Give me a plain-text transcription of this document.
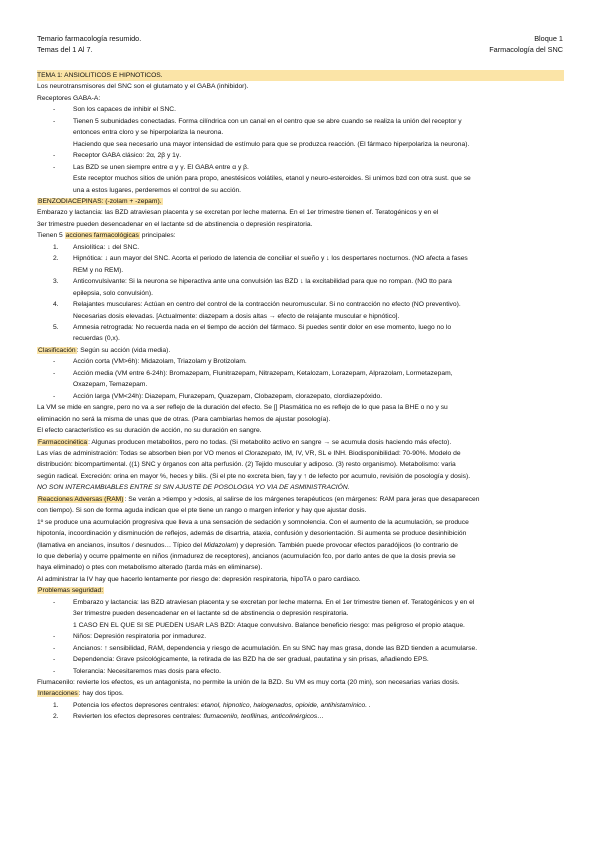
Temario farmacología resumido.
Temas del 1 Al 7.
Bloque 1
Farmacología del SNC
TEMA 1: ANSIOLITICOS E HIPNOTICOS.
Los neurotransmisores del SNC son el glutamato y el GABA (inhibidor).
Receptores GABA-A:
- Son los capaces de inhibir el SNC.
- Tienen 5 subunidades conectadas. Forma cilíndrica con un canal en el centro que se abre cuando se realiza la unión del receptor y
entonces entra cloro y se hiperpolariza la neurona.
Haciendo que sea necesario una mayor intensidad de estímulo para que se produzca reacción. (El fármaco hiperpolariza la neurona).
- Receptor GABA clásico: 2α, 2β y 1γ.
- Las BZD se unen siempre entre α y γ. El GABA entre α y β.
Este receptor muchos sitios de unión para propo, anestésicos volátiles, etanol y neuro-esteroides. Si unimos bzd con otra sust. que se
una a estos lugares, perderemos el control de su acción.
BENZODIACEPINAS: (-zolam + -zepam).
Embarazo y lactancia: las BZD atraviesan placenta y se excretan por leche materna. En el 1er trimestre tienen ef. Teratogénicos y en el
3er trimestre pueden desencadenar en el lactante sd de abstinencia o depresión respiratoria.
Tienen 5 acciones farmacológicas principales:
1. Ansiolítica: ↓ del SNC.
2. Hipnótica: ↓ aun mayor del SNC. Acorta el periodo de latencia de conciliar el sueño y ↓ los despertares nocturnos. (NO afecta a fases
REM y no REM).
3. Anticonvulsivante: Si la neurona se hiperactiva ante una convulsión las BZD ↓ la excitabilidad para que no rompan. (NO tto para
epilepsia, solo convulsión).
4. Relajantes musculares: Actúan en centro del control de la contracción neuromuscular. Si no contracción no efecto (NO preventivo).
Necesarias dosis elevadas. [Actualmente: diazepam a dosis altas → efecto de relajante muscular e hipnótico].
5. Amnesia retrograda: No recuerda nada en el tiempo de acción del fármaco. Si puedes sentir dolor en ese momento, luego no lo
recuerdas (0,x).
Clasificación: Según su acción (vida media).
- Acción corta (VM>6h): Midazolam, Triazolam y Brotizolam.
- Acción media (VM entre 6-24h): Bromazepam, Flunitrazepam, Nitrazepam, Ketalozam, Lorazepam, Alprazolam, Lormetazepam,
Oxazepam, Temazepam.
- Acción larga (VM<24h): Diazepam, Flurazepam, Quazepam, Clobazepam, clorazepato, clordiazepóxido.
La VM se mide en sangre, pero no va a ser reflejo de la duración del efecto. Se [] Plasmática no es reflejo de lo que pasa la BHE o no y su
eliminación no será la misma de unas que de otras. (Para cambiarlas hemos de ajustar posología).
El efecto característico es su duración de acción, no su duración en sangre.
Farmacocinética: Algunas producen metabolitos, pero no todas. (Si metabolito activo en sangre → se acumula dosis haciendo más efecto).
Las vías de administración: Todas se absorben bien por VO menos el Clorazepato, IM, IV, VR, SL e INH. Biodisponibilidad: 70-90%. Modelo de
distribución: bicompartimental. ((1) SNC y órganos con alta perfusión. (2) Tejido muscular y adiposo. (3) resto organismo). Metabolismo: varia
según radical. Excreción: orina en mayor %, heces y bilis. (Si el pte no excreta bien, fay y ↑ de lefecto por acumulo, revisión de posología y dosis).
NO SON INTERCAMBIABLES ENTRE SI SIN AJUSTE DE POSOLOGIA YO VIA DE ASMINISTRACIÓN.
Reacciones Adversas (RAM): Se verán a >tiempo y >dosis, al salirse de los márgenes terapéuticos (en márgenes: RAM para jeras que desaparecen
con tiempo). Si son de forma aguda indican que el pte tiene un rango o margen inferior y hay que ajustar dosis.
1º se produce una acumulación progresiva que lleva a una sensación de sedación y somnolencia. Con el aumento de la acumulación, se produce
hipotonía, incoordinación y disminución de reflejos, además de disartria, ataxia, confusión y desorientación. Si aumenta se produce desinhibición
(llamativa en ancianos, insultos / desnudos… Típico del Midazolam) y depresión. También puede provocar efectos paradójicos (lo contrario de
lo que debería) y ocurre ppalmente en niños (inmadurez de receptores), ancianos (acumulación fco, por darlo antes de que la dosis previa se
haya eliminado) o ptes con metabolismo alterado (tarda más en eliminarse).
Al administrar la IV hay que hacerlo lentamente por riesgo de: depresión respiratoria, hipoTA o paro cardiaco.
Problemas seguridad:
- Embarazo y lactancia: las BZD atraviesan placenta y se excretan por leche materna. En el 1er trimestre tienen ef. Teratogénicos y en el
3er trimestre pueden desencadenar en el lactante sd de abstinencia o depresión respiratoria.
1 CASO EN EL QUE SI SE PUEDEN USAR LAS BZD: Ataque convulsivo. Balance beneficio riesgo: mas peligroso el propio ataque.
- Niños: Depresión respiratoria por inmadurez.
- Ancianos: ↑ sensibilidad, RAM, dependencia y riesgo de acumulación. En su SNC hay mas grasa, donde las BZD tienden a acumularse.
- Dependencia: Grave psicológicamente, la retirada de las BZD ha de ser gradual, pautatina y sin prisas, añadiendo EPS.
- Tolerancia: Necesitaremos mas dosis para efecto.
Flumacenilo: revierte los efectos, es un antagonista, no permite la unión de la BZD. Su VM es muy corta (20 min), son necesarias varias dosis.
Interacciones: hay dos tipos.
1. Potencia los efectos depresores centrales: etanol, hipnotico, halogenados, opioide, antihistamínico. .
2. Revierten los efectos depresores centrales: flumacenilo, teofilinas, anticolinérgicos…
